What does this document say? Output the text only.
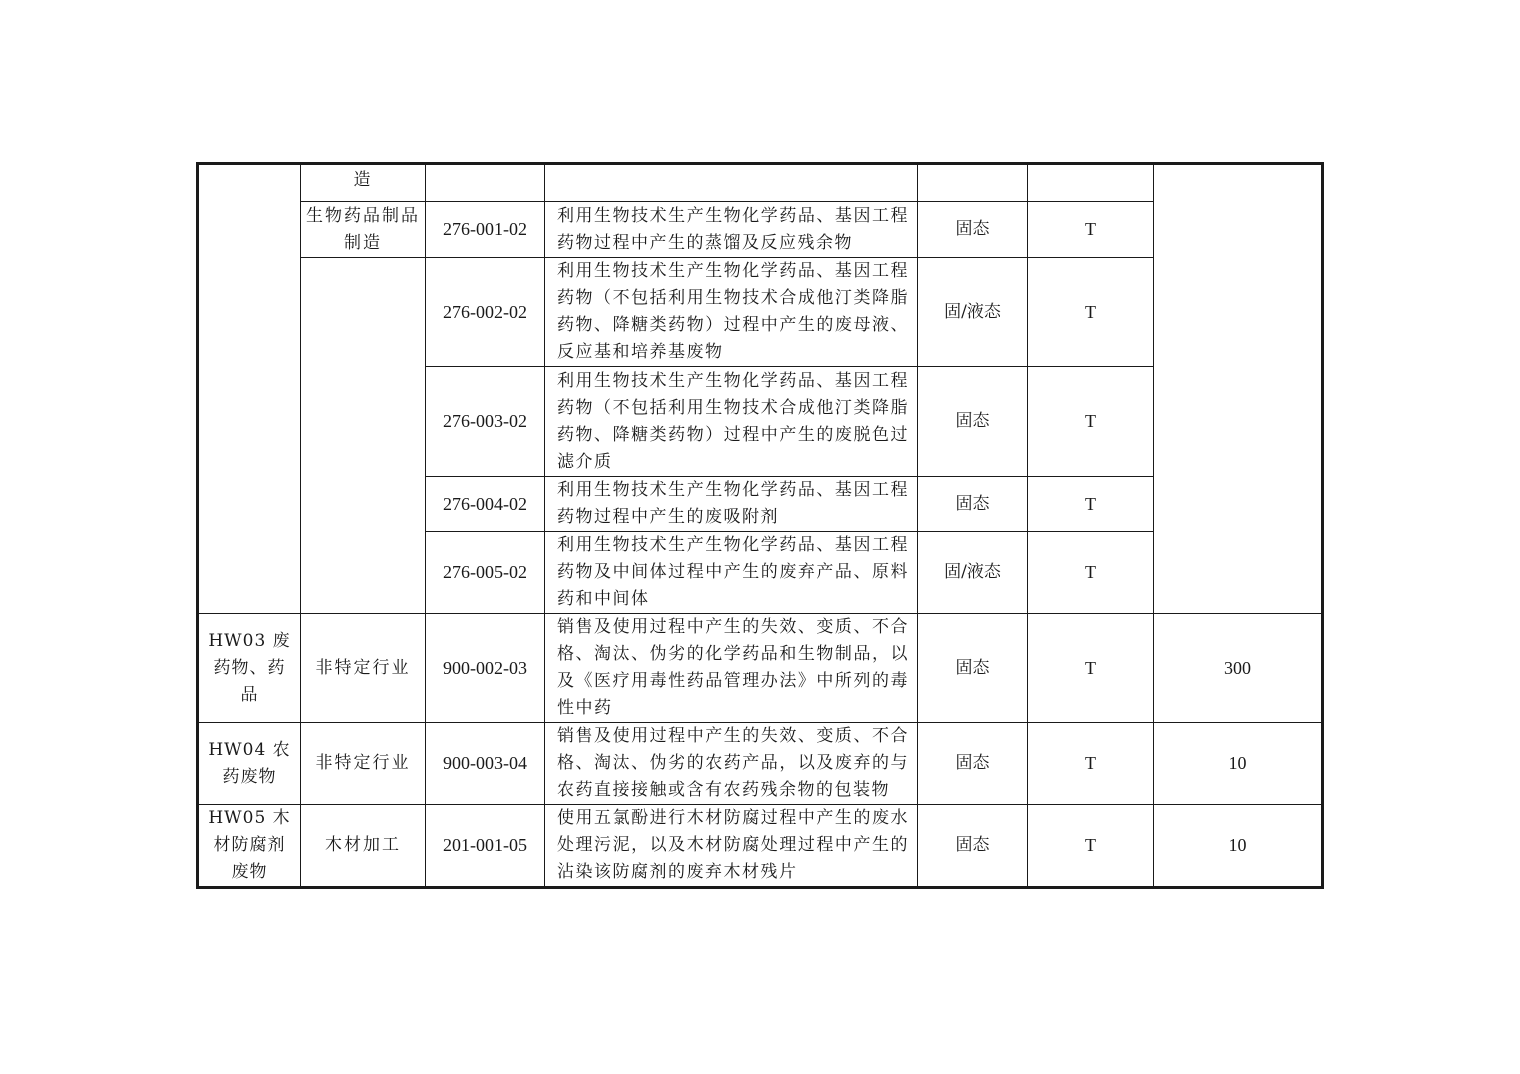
	造					
	生物药品制品制造	276-001-02	利用生物技术生产生物化学药品、基因工程药物过程中产生的蒸馏及反应残余物	固态	T	
		276-002-02	利用生物技术生产生物化学药品、基因工程药物（不包括利用生物技术合成他汀类降脂药物、降糖类药物）过程中产生的废母液、反应基和培养基废物	固/液态	T	
		276-003-02	利用生物技术生产生物化学药品、基因工程药物（不包括利用生物技术合成他汀类降脂药物、降糖类药物）过程中产生的废脱色过滤介质	固态	T	
		276-004-02	利用生物技术生产生物化学药品、基因工程药物过程中产生的废吸附剂	固态	T	
		276-005-02	利用生物技术生产生物化学药品、基因工程药物及中间体过程中产生的废弃产品、原料药和中间体	固/液态	T	
HW03 废药物、药品	非特定行业	900-002-03	销售及使用过程中产生的失效、变质、不合格、淘汰、伪劣的化学药品和生物制品，以及《医疗用毒性药品管理办法》中所列的毒性中药	固态	T	300
HW04 农药废物	非特定行业	900-003-04	销售及使用过程中产生的失效、变质、不合格、淘汰、伪劣的农药产品，以及废弃的与农药直接接触或含有农药残余物的包装物	固态	T	10
HW05 木材防腐剂废物	木材加工	201-001-05	使用五氯酚进行木材防腐过程中产生的废水处理污泥，以及木材防腐处理过程中产生的沾染该防腐剂的废弃木材残片	固态	T	10
